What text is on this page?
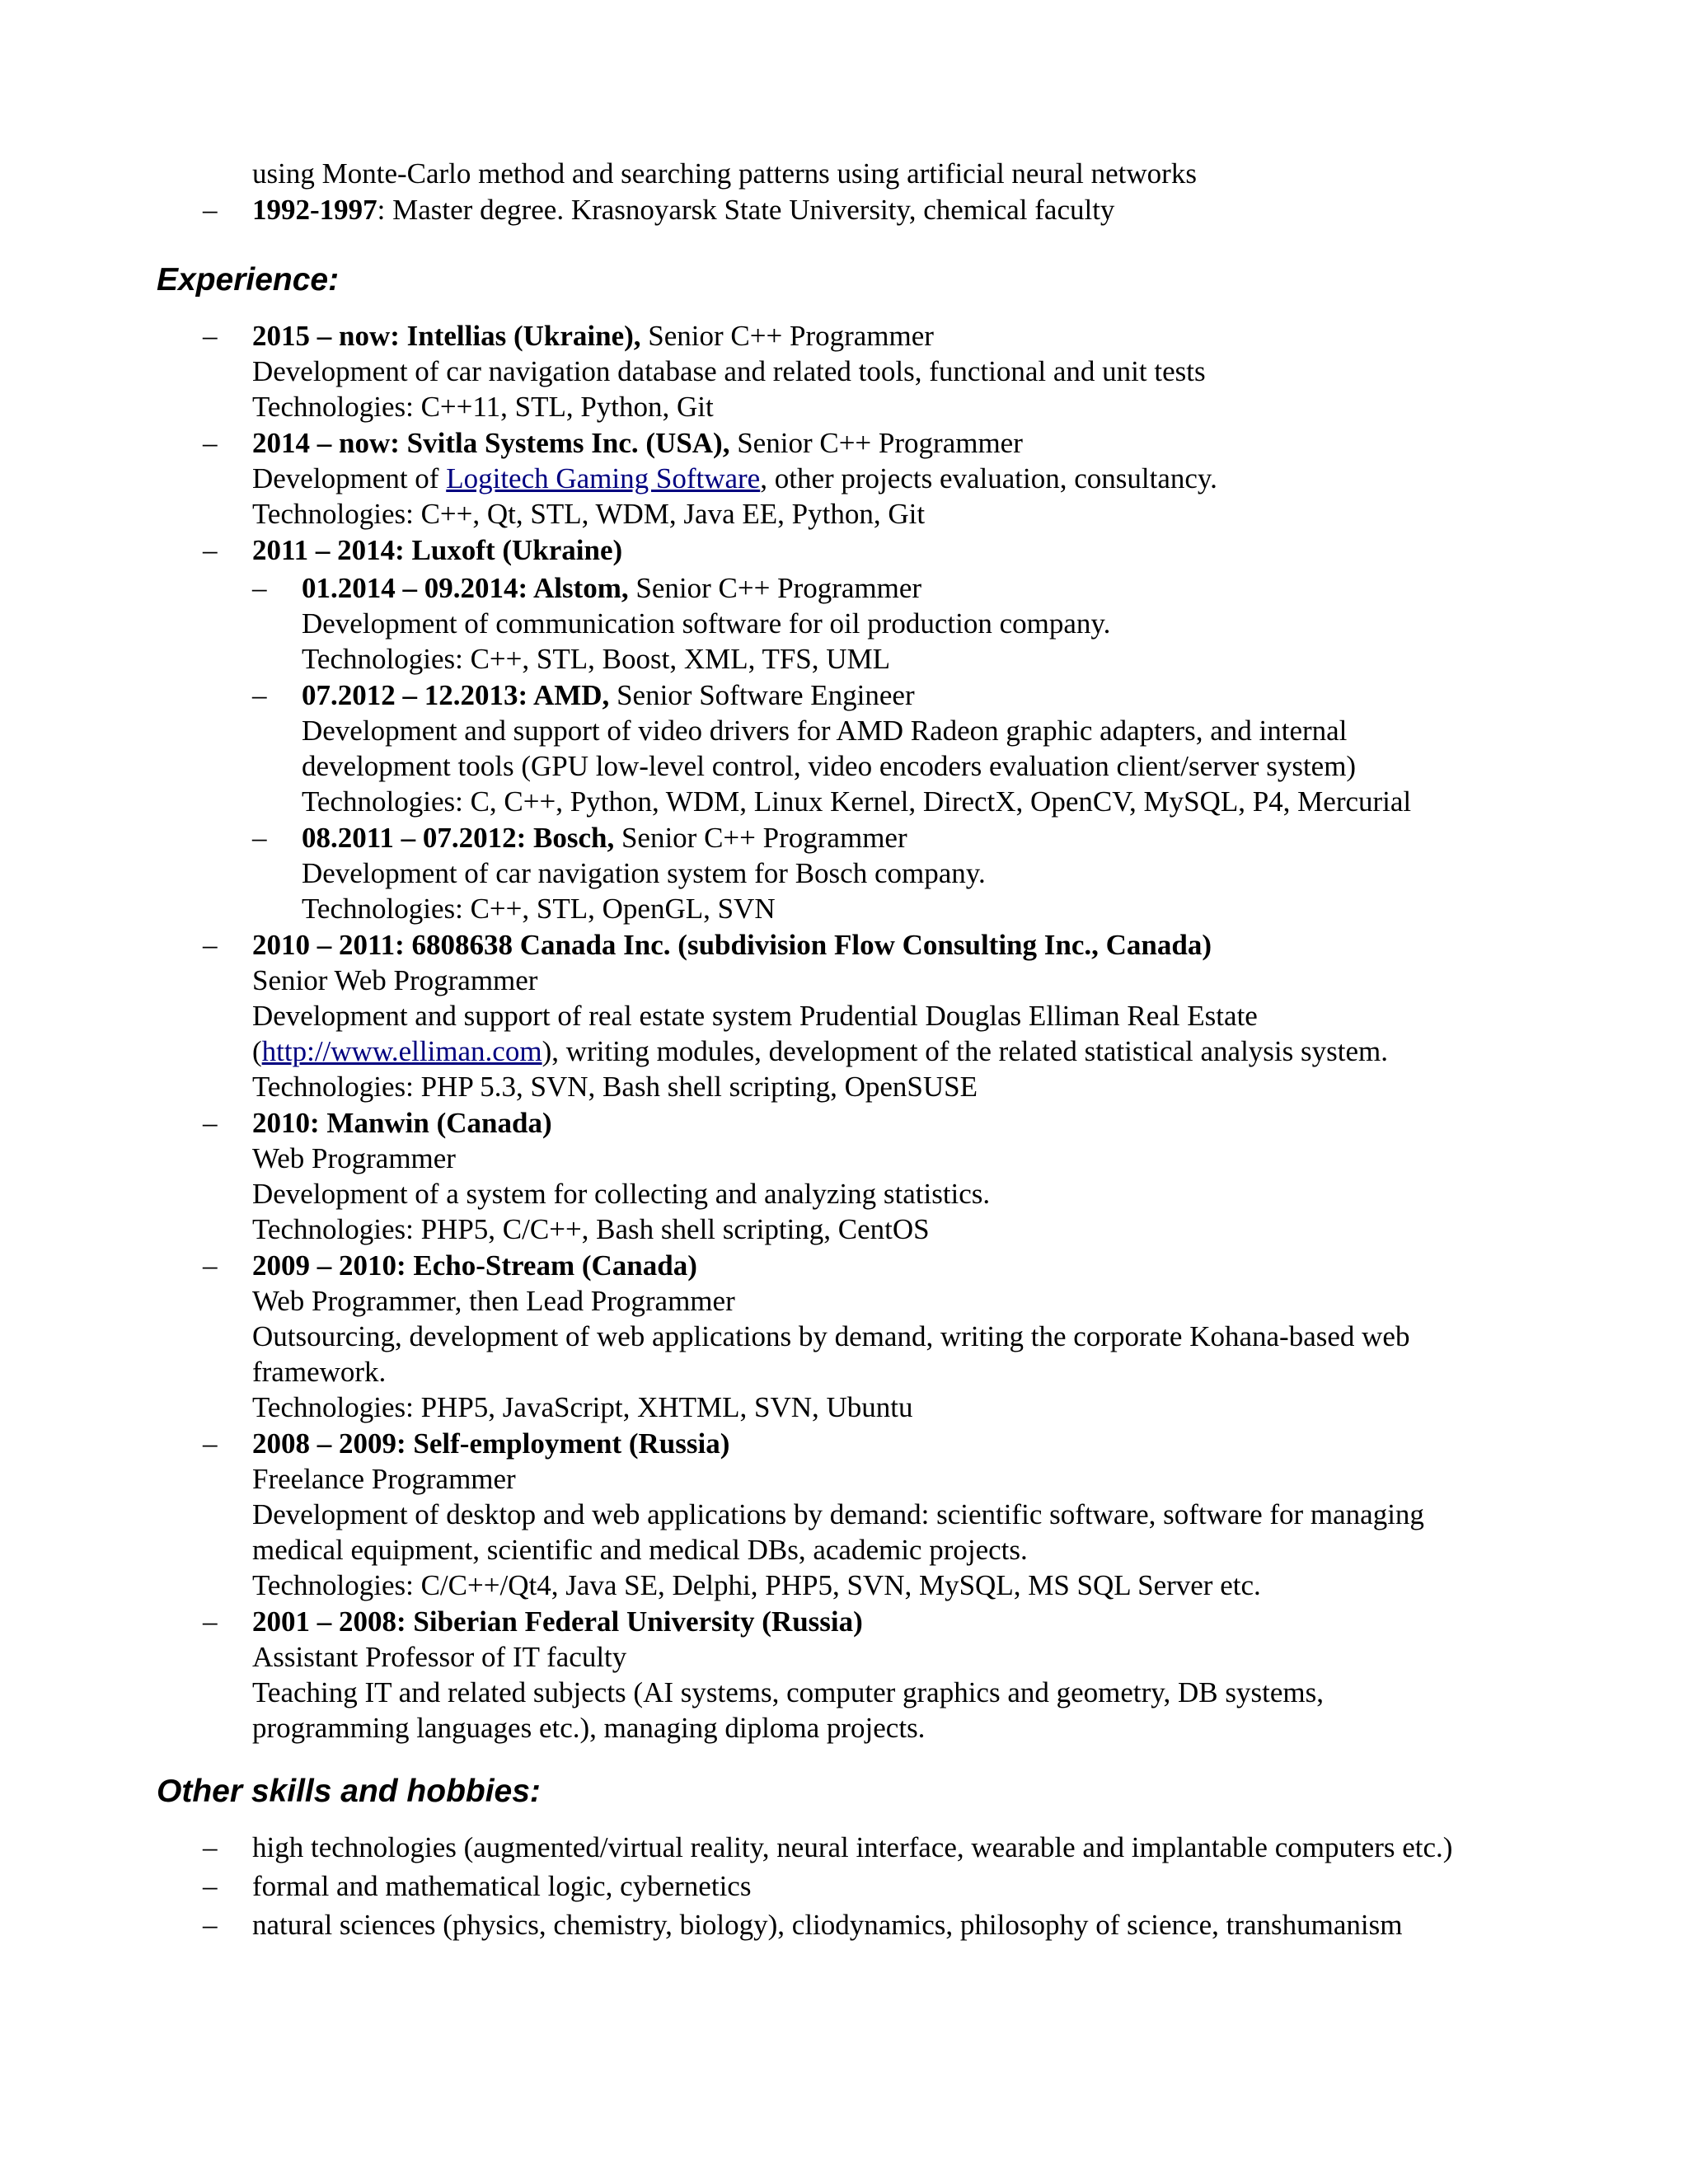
using Monte-Carlo method and searching patterns using artificial neural networks
– 1992-1997: Master degree. Krasnoyarsk State University, chemical faculty
Experience:
– 2015 – now: Intellias (Ukraine), Senior C++ Programmer
Development of car navigation database and related tools, functional and unit tests
Technologies: C++11, STL, Python, Git
– 2014 – now: Svitla Systems Inc. (USA), Senior C++ Programmer
Development of Logitech Gaming Software, other projects evaluation, consultancy.
Technologies: C++, Qt, STL, WDM, Java EE, Python, Git
– 2011 – 2014: Luxoft (Ukraine)
– 01.2014 – 09.2014: Alstom, Senior C++ Programmer
Development of communication software for oil production company.
Technologies: C++, STL, Boost, XML, TFS, UML
– 07.2012 – 12.2013: AMD, Senior Software Engineer
Development and support of video drivers for AMD Radeon graphic adapters, and internal
development tools (GPU low-level control, video encoders evaluation client/server system)
Technologies: C, C++, Python, WDM, Linux Kernel, DirectX, OpenCV, MySQL, P4, Mercurial
– 08.2011 – 07.2012: Bosch, Senior C++ Programmer
Development of car navigation system for Bosch company.
Technologies: C++, STL, OpenGL, SVN
– 2010 – 2011: 6808638 Canada Inc. (subdivision Flow Consulting Inc., Canada)
Senior Web Programmer
Development and support of real estate system Prudential Douglas Elliman Real Estate
(http://www.elliman.com), writing modules, development of the related statistical analysis system.
Technologies: PHP 5.3, SVN, Bash shell scripting, OpenSUSE
– 2010: Manwin (Canada)
Web Programmer
Development of a system for collecting and analyzing statistics.
Technologies: PHP5, C/C++, Bash shell scripting, CentOS
– 2009 – 2010: Echo-Stream (Canada)
Web Programmer, then Lead Programmer
Outsourcing, development of web applications by demand, writing the corporate Kohana-based web
framework.
Technologies: PHP5, JavaScript, XHTML, SVN, Ubuntu
– 2008 – 2009: Self-employment (Russia)
Freelance Programmer
Development of desktop and web applications by demand: scientific software, software for managing
medical equipment, scientific and medical DBs, academic projects.
Technologies: C/C++/Qt4, Java SE, Delphi, PHP5, SVN, MySQL, MS SQL Server etc.
– 2001 – 2008: Siberian Federal University (Russia)
Assistant Professor of IT faculty
Teaching IT and related subjects (AI systems, computer graphics and geometry, DB systems,
programming languages etc.), managing diploma projects.
Other skills and hobbies:
– high technologies (augmented/virtual reality, neural interface, wearable and implantable computers etc.)
– formal and mathematical logic, cybernetics
– natural sciences (physics, chemistry, biology), cliodynamics, philosophy of science, transhumanism
